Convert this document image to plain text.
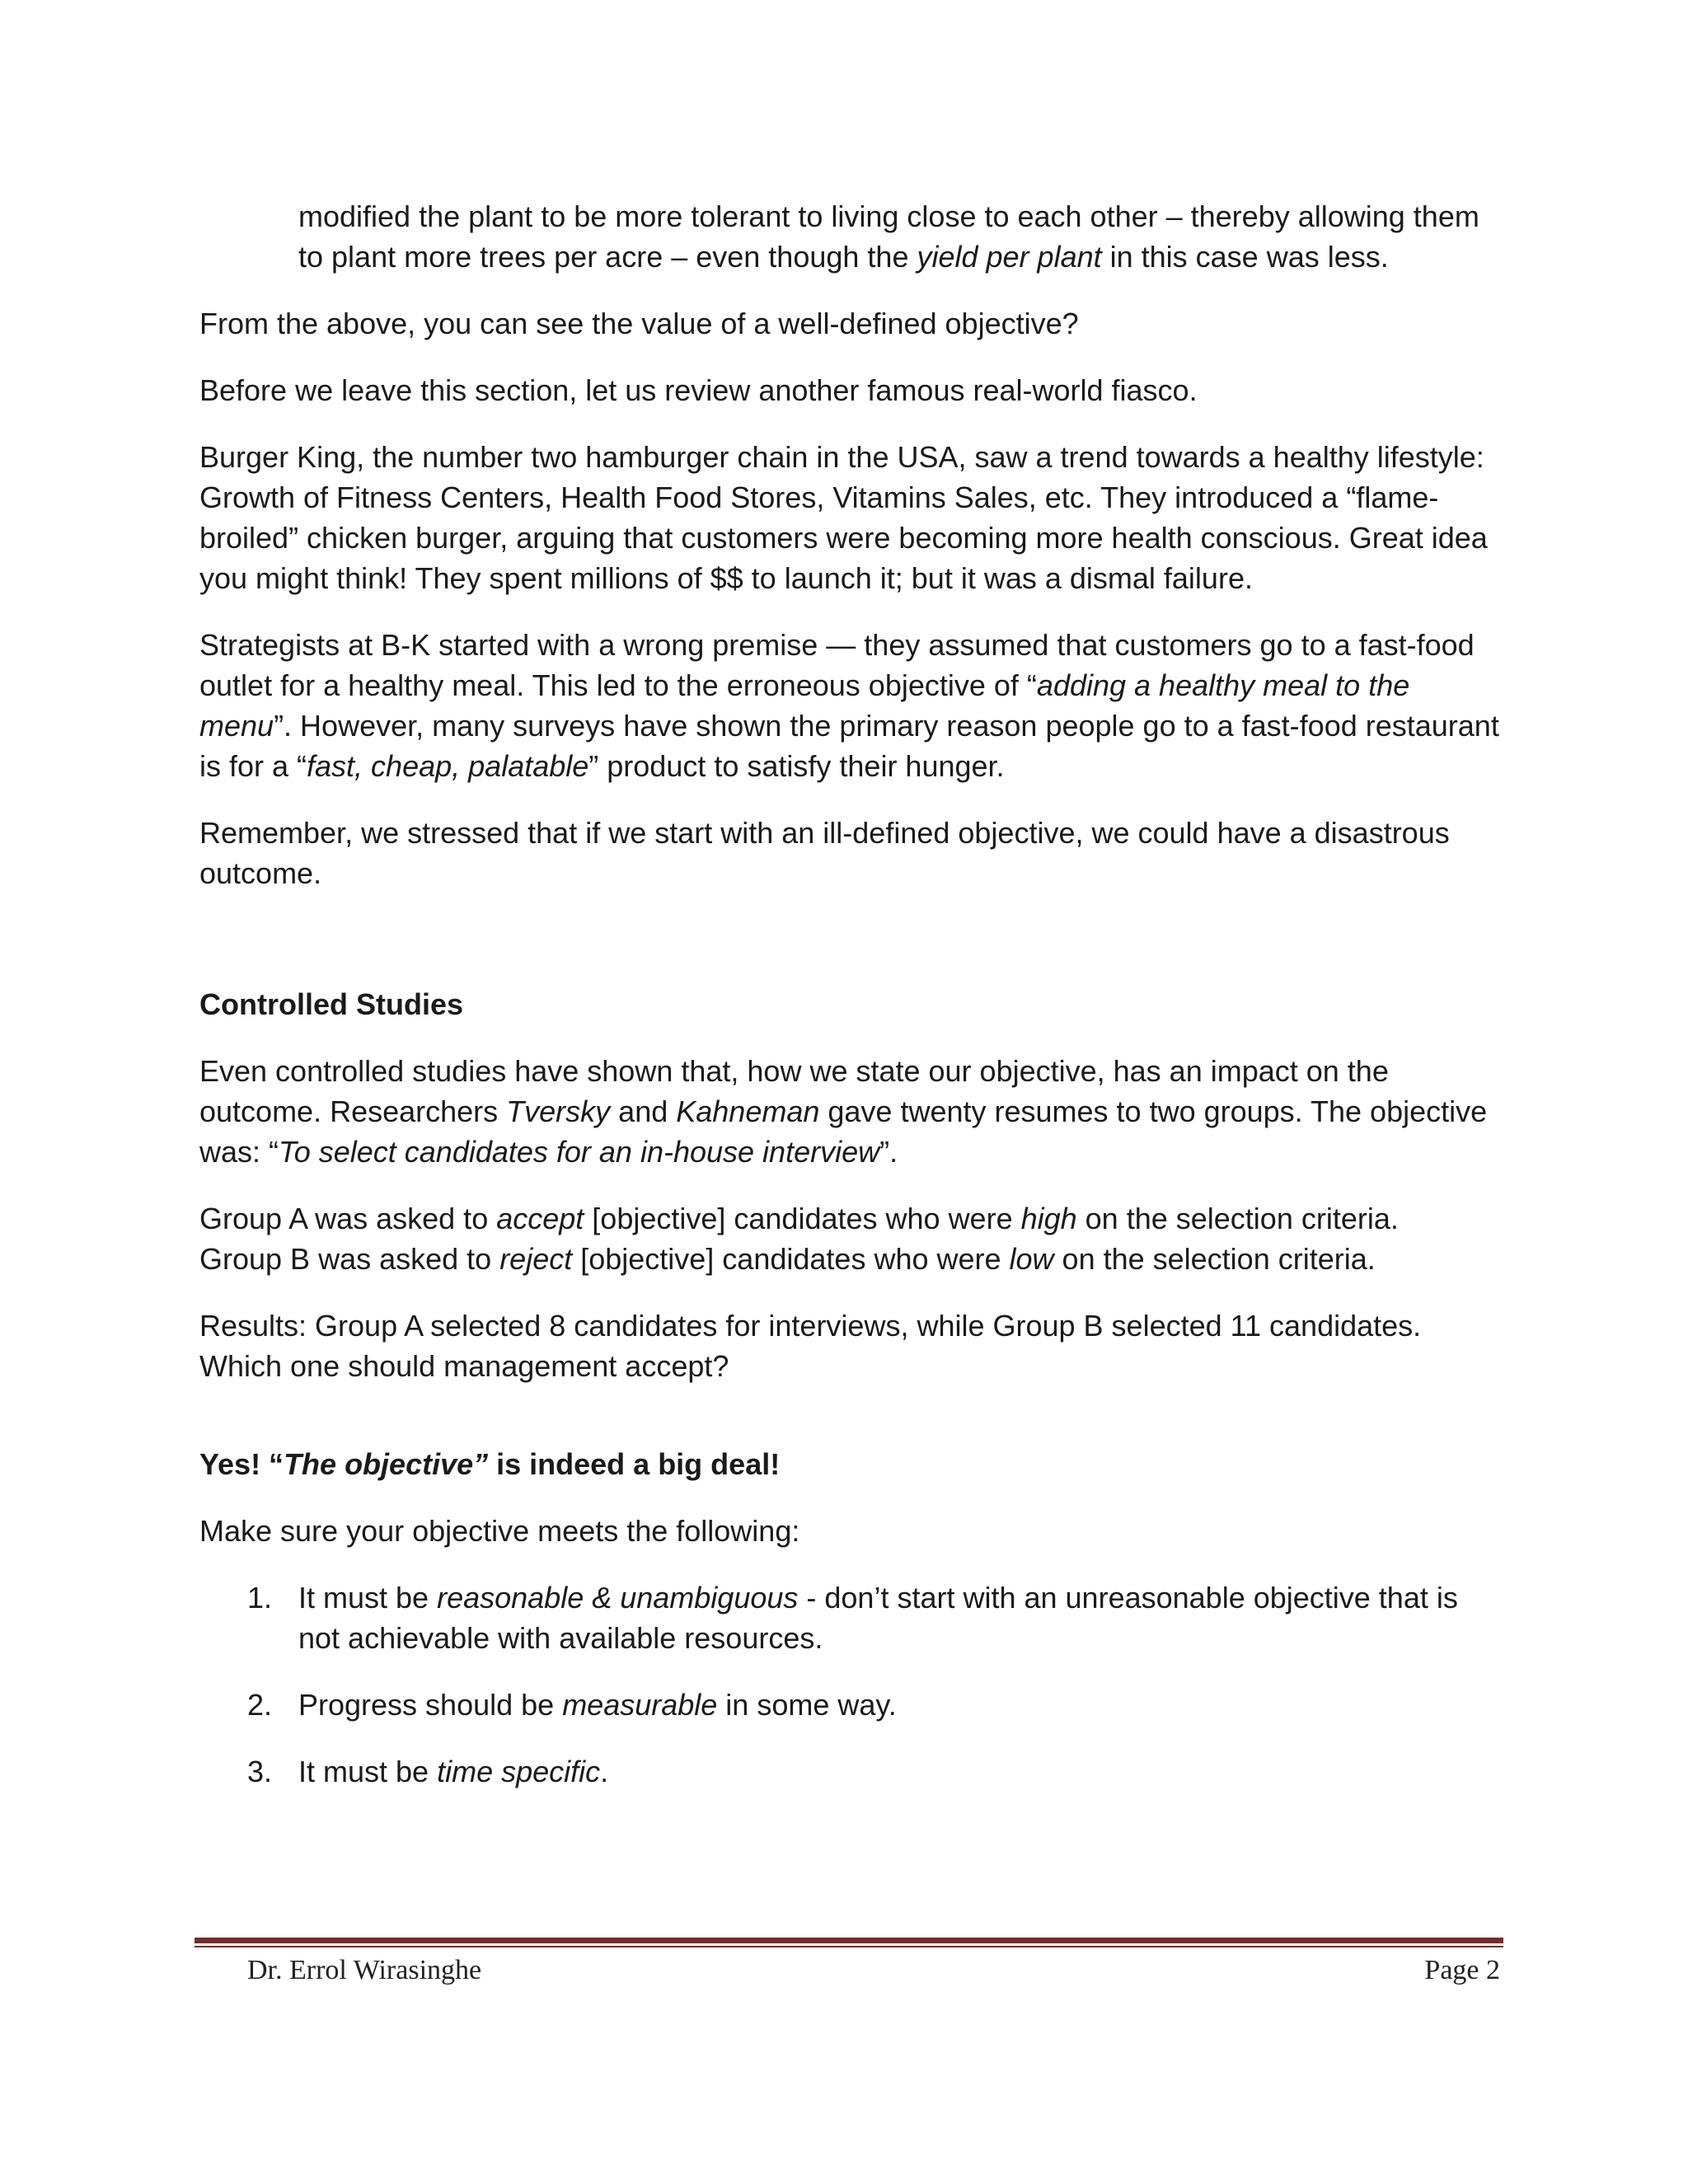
modified the plant to be more tolerant to living close to each other – thereby allowing them to plant more trees per acre – even though the yield per plant in this case was less.

From the above, you can see the value of a well-defined objective?

Before we leave this section, let us review another famous real-world fiasco.

Burger King, the number two hamburger chain in the USA, saw a trend towards a healthy lifestyle: Growth of Fitness Centers, Health Food Stores, Vitamins Sales, etc. They introduced a “flame-broiled” chicken burger, arguing that customers were becoming more health conscious. Great idea you might think! They spent millions of $$ to launch it; but it was a dismal failure.

Strategists at B-K started with a wrong premise — they assumed that customers go to a fast-food outlet for a healthy meal. This led to the erroneous objective of “adding a healthy meal to the menu”. However, many surveys have shown the primary reason people go to a fast-food restaurant is for a “fast, cheap, palatable” product to satisfy their hunger.

Remember, we stressed that if we start with an ill-defined objective, we could have a disastrous outcome.

Controlled Studies

Even controlled studies have shown that, how we state our objective, has an impact on the outcome. Researchers Tversky and Kahneman gave twenty resumes to two groups. The objective was: “To select candidates for an in-house interview”.

Group A was asked to accept [objective] candidates who were high on the selection criteria.
Group B was asked to reject [objective] candidates who were low on the selection criteria.

Results: Group A selected 8 candidates for interviews, while Group B selected 11 candidates.
Which one should management accept?

Yes! “The objective” is indeed a big deal!

Make sure your objective meets the following:

1. It must be reasonable & unambiguous - don’t start with an unreasonable objective that is not achievable with available resources.
2. Progress should be measurable in some way.
3. It must be time specific.
Dr. Errol Wirasinghe	Page 2
